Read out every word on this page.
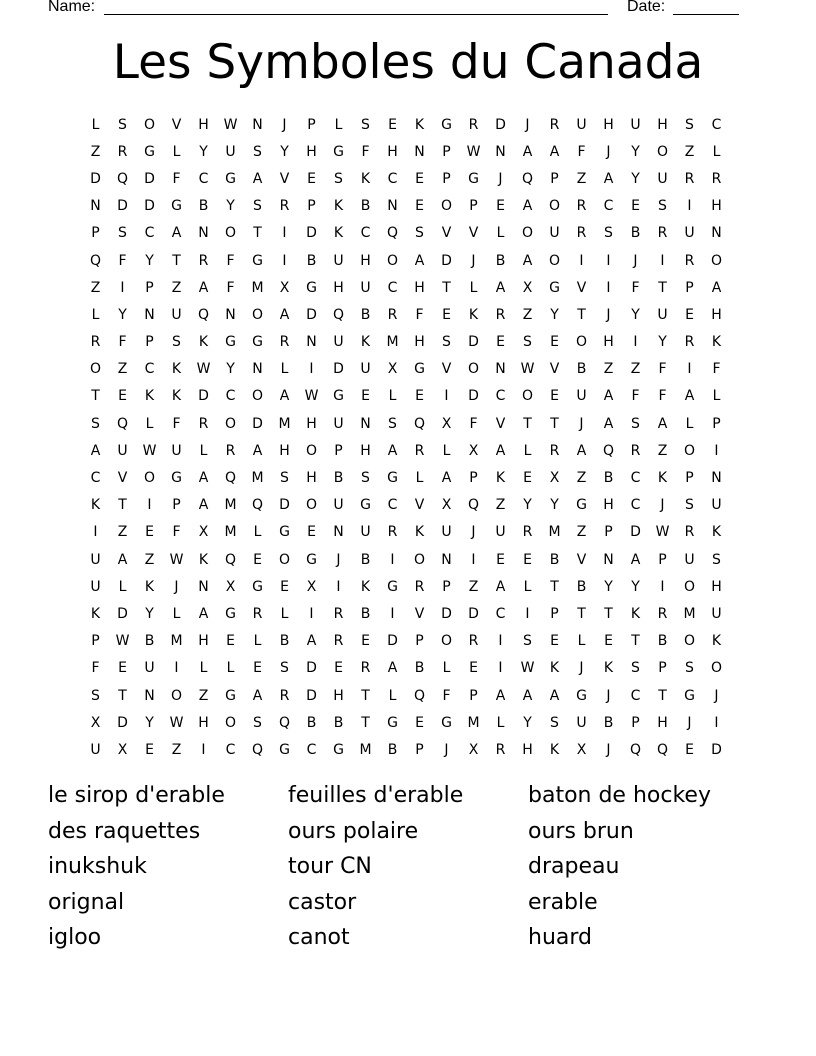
Name:	Date:
Les Symboles du Canada
L	S	O	V	H	W	N	J	P	L	S	E	K	G	R	D	J	R	U	H	U	H	S	C
Z	R	G	L	Y	U	S	Y	H	G	F	H	N	P	W	N	A	A	F	J	Y	O	Z	L
D	Q	D	F	C	G	A	V	E	S	K	C	E	P	G	J	Q	P	Z	A	Y	U	R	R
N	D	D	G	B	Y	S	R	P	K	B	N	E	O	P	E	A	O	R	C	E	S	I	H
P	S	C	A	N	O	T	I	D	K	C	Q	S	V	V	L	O	U	R	S	B	R	U	N
Q	F	Y	T	R	F	G	I	B	U	H	O	A	D	J	B	A	O	I	I	J	I	R	O
Z	I	P	Z	A	F	M	X	G	H	U	C	H	T	L	A	X	G	V	I	F	T	P	A
L	Y	N	U	Q	N	O	A	D	Q	B	R	F	E	K	R	Z	Y	T	J	Y	U	E	H
R	F	P	S	K	G	G	R	N	U	K	M	H	S	D	E	S	E	O	H	I	Y	R	K
O	Z	C	K	W	Y	N	L	I	D	U	X	G	V	O	N	W	V	B	Z	Z	F	I	F
T	E	K	K	D	C	O	A	W	G	E	L	E	I	D	C	O	E	U	A	F	F	A	L
S	Q	L	F	R	O	D	M	H	U	N	S	Q	X	F	V	T	T	J	A	S	A	L	P
A	U	W	U	L	R	A	H	O	P	H	A	R	L	X	A	L	R	A	Q	R	Z	O	I
C	V	O	G	A	Q	M	S	H	B	S	G	L	A	P	K	E	X	Z	B	C	K	P	N
K	T	I	P	A	M	Q	D	O	U	G	C	V	X	Q	Z	Y	Y	G	H	C	J	S	U
I	Z	E	F	X	M	L	G	E	N	U	R	K	U	J	U	R	M	Z	P	D	W	R	K
U	A	Z	W	K	Q	E	O	G	J	B	I	O	N	I	E	E	B	V	N	A	P	U	S
U	L	K	J	N	X	G	E	X	I	K	G	R	P	Z	A	L	T	B	Y	Y	I	O	H
K	D	Y	L	A	G	R	L	I	R	B	I	V	D	D	C	I	P	T	T	K	R	M	U
P	W	B	M	H	E	L	B	A	R	E	D	P	O	R	I	S	E	L	E	T	B	O	K
F	E	U	I	L	L	E	S	D	E	R	A	B	L	E	I	W	K	J	K	S	P	S	O
S	T	N	O	Z	G	A	R	D	H	T	L	Q	F	P	A	A	A	G	J	C	T	G	J
X	D	Y	W	H	O	S	Q	B	B	T	G	E	G	M	L	Y	S	U	B	P	H	J	I
U	X	E	Z	I	C	Q	G	C	G	M	B	P	J	X	R	H	K	X	J	Q	Q	E	D
le sirop d'erable	feuilles d'erable	baton de hockey
des raquettes	ours polaire	ours brun
inukshuk	tour CN	drapeau
orignal	castor	erable
igloo	canot	huard
